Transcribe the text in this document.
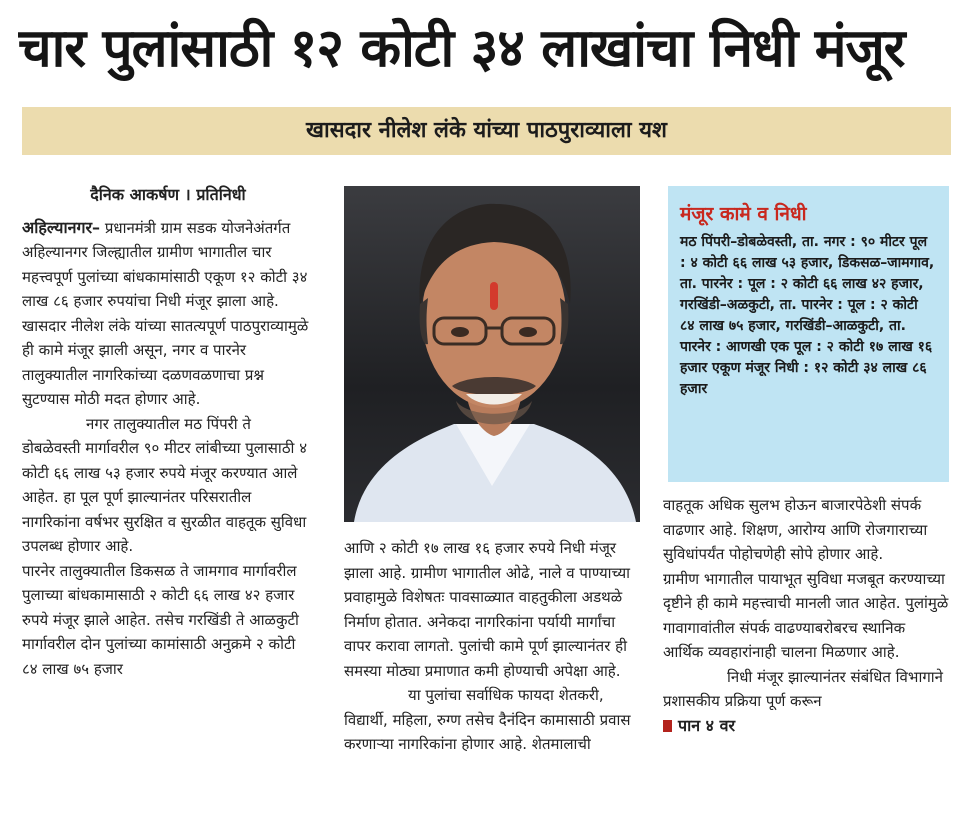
चार पुलांसाठी १२ कोटी ३४ लाखांचा निधी मंजूर
खासदार नीलेश लंके यांच्या पाठपुराव्याला यश

दैनिक आकर्षण । प्रतिनिधी

अहिल्यानगर– प्रधानमंत्री ग्राम सडक योजनेअंतर्गत अहिल्यानगर जिल्ह्यातील ग्रामीण भागातील चार महत्त्वपूर्ण पुलांच्या बांधकामांसाठी एकूण १२ कोटी ३४ लाख ८६ हजार रुपयांचा निधी मंजूर झाला आहे. खासदार नीलेश लंके यांच्या सातत्यपूर्ण पाठपुराव्यामुळे ही कामे मंजूर झाली असून, नगर व पारनेर तालुक्यातील नागरिकांच्या दळणवळणाचा प्रश्न सुटण्यास मोठी मदत होणार आहे.

नगर तालुक्यातील मठ पिंपरी ते डोबळेवस्ती मार्गावरील ९० मीटर लांबीच्या पुलासाठी ४ कोटी ६६ लाख ५३ हजार रुपये मंजूर करण्यात आले आहेत. हा पूल पूर्ण झाल्यानंतर परिसरातील नागरिकांना वर्षभर सुरक्षित व सुरळीत वाहतूक सुविधा उपलब्ध होणार आहे.

पारनेर तालुक्यातील डिकसळ ते जामगाव मार्गावरील पुलाच्या बांधकामासाठी २ कोटी ६६ लाख ४२ हजार रुपये मंजूर झाले आहेत. तसेच गरखिंडी ते आळकुटी मार्गावरील दोन पुलांच्या कामांसाठी अनुक्रमे २ कोटी ८४ लाख ७५ हजार

आणि २ कोटी १७ लाख १६ हजार रुपये निधी मंजूर झाला आहे. ग्रामीण भागातील ओढे, नाले व पाण्याच्या प्रवाहामुळे विशेषतः पावसाळ्यात वाहतुकीला अडथळे निर्माण होतात. अनेकदा नागरिकांना पर्यायी मार्गांचा वापर करावा लागतो. पुलांची कामे पूर्ण झाल्यानंतर ही समस्या मोठ्या प्रमाणात कमी होण्याची अपेक्षा आहे.

या पुलांचा सर्वाधिक फायदा शेतकरी, विद्यार्थी, महिला, रुग्ण तसेच दैनंदिन कामासाठी प्रवास करणाऱ्या नागरिकांना होणार आहे. शेतमालाची

मंजूर कामे व निधी

मठ पिंपरी–डोबळेवस्ती, ता. नगर : ९० मीटर पूल : ४ कोटी ६६ लाख ५३ हजार, डिकसळ–जामगाव, ता. पारनेर : पूल : २ कोटी ६६ लाख ४२ हजार, गरखिंडी–अळकुटी, ता. पारनेर : पूल : २ कोटी ८४ लाख ७५ हजार, गरखिंडी–आळकुटी, ता. पारनेर : आणखी एक पूल : २ कोटी १७ लाख १६ हजार एकूण मंजूर निधी : १२ कोटी ३४ लाख ८६ हजार

वाहतूक अधिक सुलभ होऊन बाजारपेठेशी संपर्क वाढणार आहे. शिक्षण, आरोग्य आणि रोजगाराच्या सुविधांपर्यंत पोहोचणेही सोपे होणार आहे.

ग्रामीण भागातील पायाभूत सुविधा मजबूत करण्याच्या दृष्टीने ही कामे महत्त्वाची मानली जात आहेत. पुलांमुळे गावागावांतील संपर्क वाढण्याबरोबरच स्थानिक आर्थिक व्यवहारांनाही चालना मिळणार आहे.

निधी मंजूर झाल्यानंतर संबंधित विभागाने प्रशासकीय प्रक्रिया पूर्ण करून

पान ४ वर
